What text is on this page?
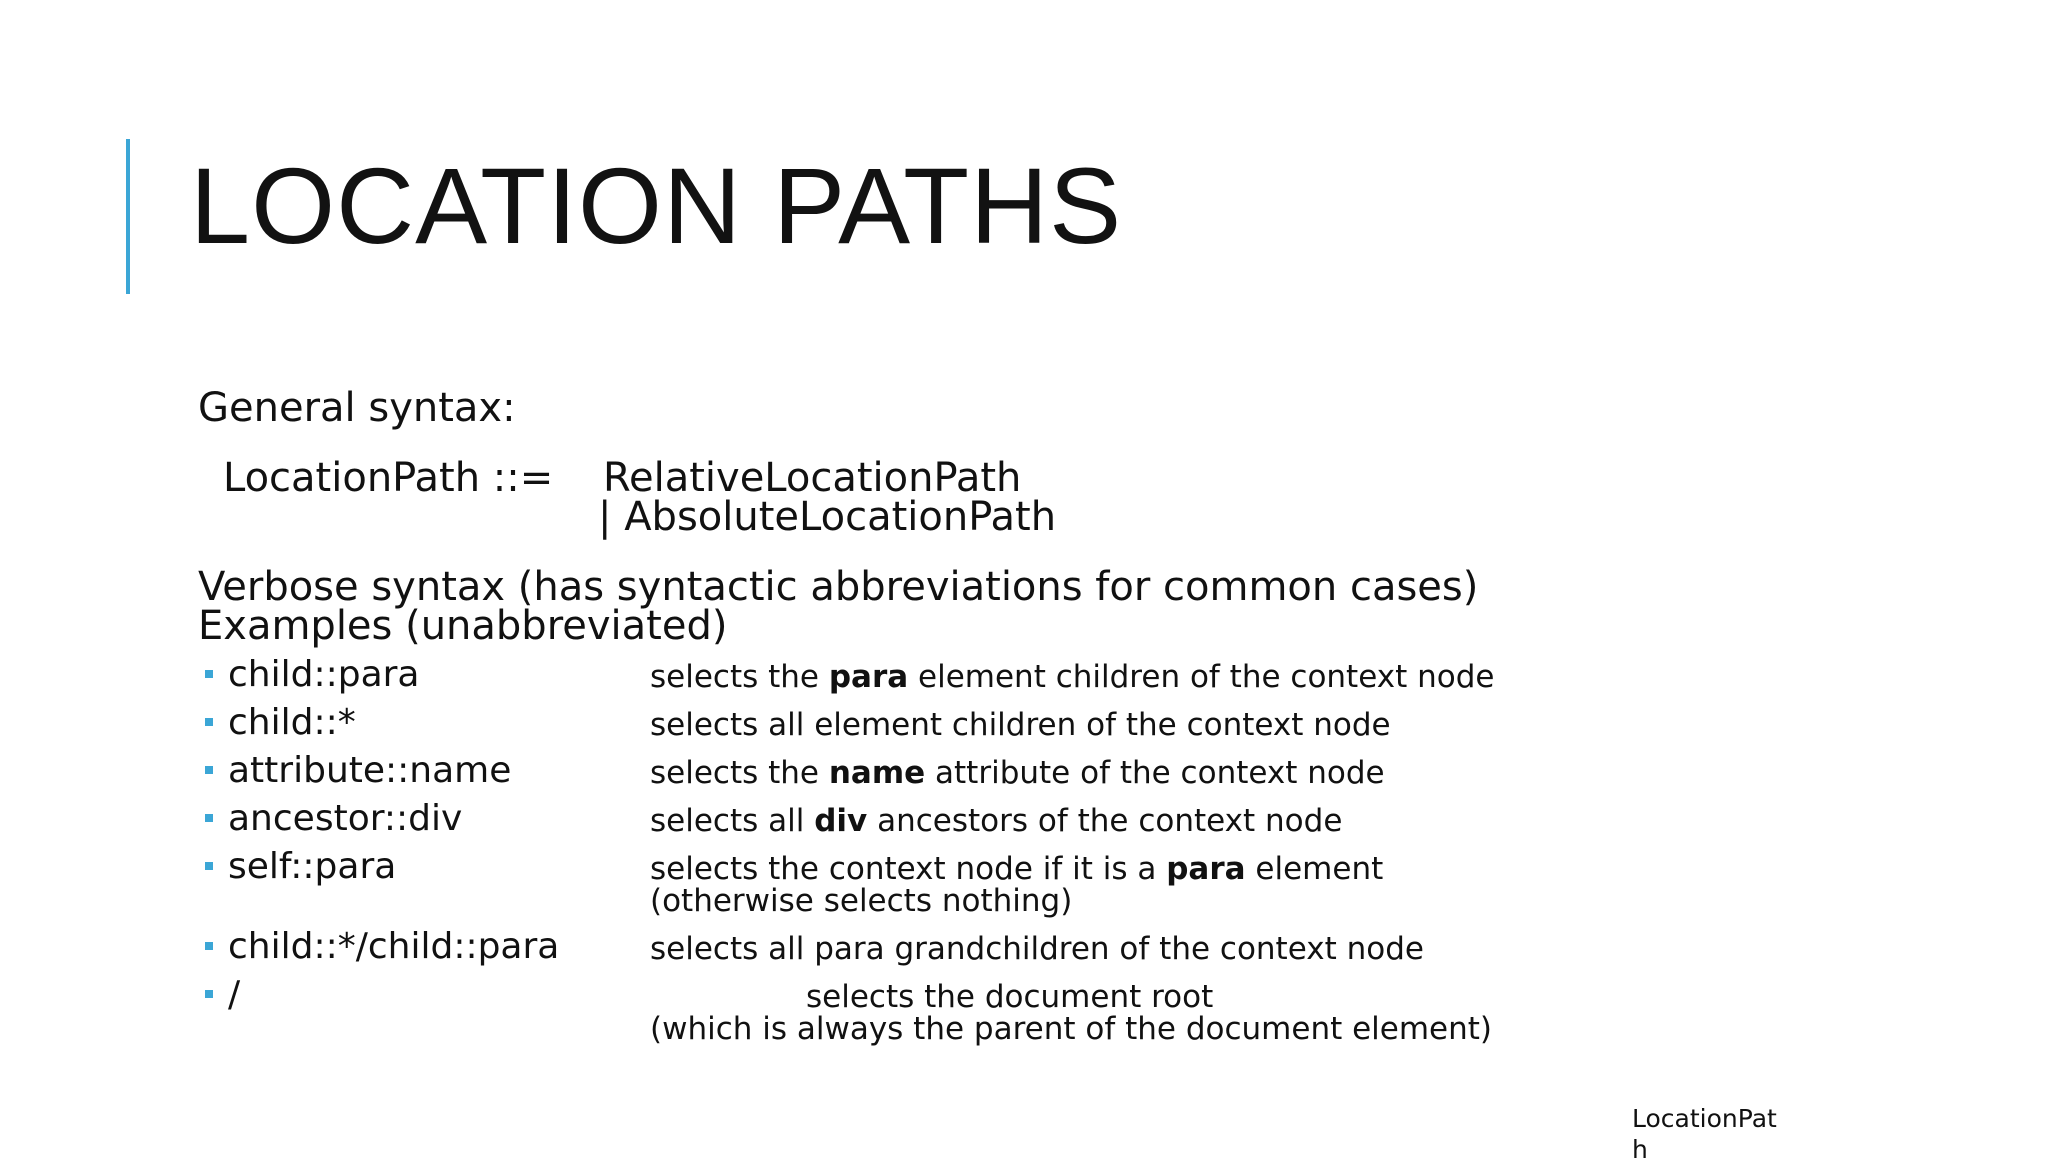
LOCATION PATHS
General syntax:
LocationPath ::= RelativeLocationPath
| AbsoluteLocationPath
Verbose syntax (has syntactic abbreviations for common cases)
Examples (unabbreviated)
child::para	selects the para element children of the context node
child::*	selects all element children of the context node
attribute::name	selects the name attribute of the context node
ancestor::div	selects all div ancestors of the context node
self::para	selects the context node if it is a para element
(otherwise selects nothing)
child::*/child::para	selects all para grandchildren of the context node
/	selects the document root
(which is always the parent of the document element)
LocationPath
